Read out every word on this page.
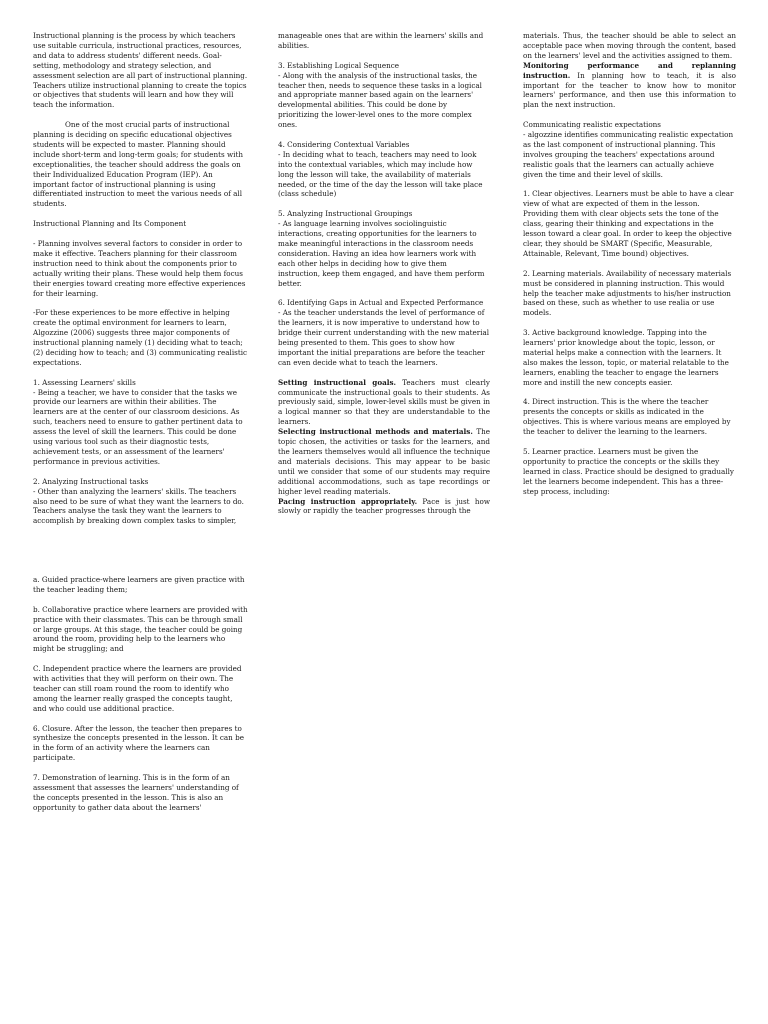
Instructional planning is the process by which teachers use suitable curricula, instructional practices, resources, and data to address students' different needs. Goal-setting, methodology and strategy selection, and assessment selection are all part of instructional planning. Teachers utilize instructional planning to create the topics or objectives that students will learn and how they will teach the information.

One of the most crucial parts of instructional planning is deciding on specific educational objectives students will be expected to master. Planning should include short-term and long-term goals; for students with exceptionalities, the teacher should address the goals on their Individualized Education Program (IEP). An important factor of instructional planning is using differentiated instruction to meet the various needs of all students.

Instructional Planning and Its Component

- Planning involves several factors to consider in order to make it effective. Teachers planning for their classroom instruction need to think about the components prior to actually writing their plans. These would help them focus their energies toward creating more effective experiences for their learning.

-For these experiences to be more effective in helping create the optimal environment for learners to learn, Algozzine (2006) suggests three major components of instructional planning namely (1) deciding what to teach; (2) deciding how to teach; and (3) communicating realistic expectations.

1. Assessing Learners' skills

- Being a teacher, we have to consider that the tasks we provide our learners are within their abilities. The learners are at the center of our classroom desicions. As such, teachers need to ensure to gather pertinent data to assess the level of skill the learners. This could be done using various tool such as their diagnostic tests, achievement tests, or an assessment of the learners' performance in previous activities.

2. Analyzing Instructional tasks

- Other than analyzing the learners' skills. The teachers also need to be sure of what they want the learners to do. Teachers analyse the task they want the learners to accomplish by breaking down complex tasks to simpler,

manageable ones that are within the learners' skills and abilities.

3. Establishing Logical Sequence

- Along with the analysis of the instructional tasks, the teacher then, needs to sequence these tasks in a logical and appropriate manner based again on the learners' developmental abilities. This could be done by prioritizing the lower-level ones to the more complex ones.

4. Considering Contextual Variables

- In deciding what to teach, teachers may need to look into the contextual variables, which may include how long the lesson will take, the availability of materials needed, or the time of the day the lesson will take place (class schedule)

5. Analyzing Instructional Groupings

- As language learning involves sociolinguistic interactions, creating opportunities for the learners to make meaningful interactions in the classroom needs consideration. Having an idea how learners work with each other helps in deciding how to give them instruction, keep them engaged, and have them perform better.

6. Identifying Gaps in Actual and Expected Performance

- As the teacher understands the level of performance of the learners, it is now imperative to understand how to bridge their current understanding with the new material being presented to them. This goes to show how important the initial preparations are before the teacher can even decide what to teach the learners.

Setting instructional goals. Teachers must clearly communicate the instructional goals to their students. As previously said, simple, lower-level skills must be given in a logical manner so that they are understandable to the learners.

Selecting instructional methods and materials. The topic chosen, the activities or tasks for the learners, and the learners themselves would all influence the technique and materials decisions. This may appear to be basic until we consider that some of our students may require additional accommodations, such as tape recordings or higher level reading materials.

Pacing instruction appropriately. Pace is just how slowly or rapidly the teacher progresses through the

materials. Thus, the teacher should be able to select an acceptable pace when moving through the content, based on the learners' level and the activities assigned to them.

Monitoring performance and replanning instruction. In planning how to teach, it is also important for the teacher to know how to monitor learners' performance, and then use this information to plan the next instruction.

Communicating realistic expectations

- algozzine identifies communicating realistic expectation as the last component of instructional planning. This involves grouping the teachers' expectations around realistic goals that the learners can actually achieve given the time and their level of skills.

1. Clear objectives. Learners must be able to have a clear view of what are expected of them in the lesson. Providing them with clear objects sets the tone of the class, gearing their thinking and expectations in the lesson toward a clear goal. In order to keep the objective clear, they should be SMART (Specific, Measurable, Attainable, Relevant, Time bound) objectives.

2. Learning materials. Availability of necessary materials must be considered in planning instruction. This would help the teacher make adjustments to his/her instruction based on these, such as whether to use realia or use models.

3. Active background knowledge. Tapping into the learners' prior knowledge about the topic, lesson, or material helps make a connection with the learners. It also makes the lesson, topic, or material relatable to the learners, enabling the teacher to engage the learners more and instill the new concepts easier.

4. Direct instruction. This is the where the teacher presents the concepts or skills as indicated in the objectives. This is where various means are employed by the teacher to deliver the learning to the learners.

5. Learner practice. Learners must be given the opportunity to practice the concepts or the skills they learned in class. Practice should be designed to gradually let the learners become independent. This has a three-step process, including:

a. Guided practice-where learners are given practice with the teacher leading them;

b. Collaborative practice where learners are provided with practice with their classmates. This can be through small or large groups. At this stage, the teacher could be going around the room, providing help to the learners who might be struggling; and

C. Independent practice where the learners are provided with activities that they will perform on their own. The teacher can still roam round the room to identify who among the learner really grasped the concepts taught, and who could use additional practice.

6. Closure. After the lesson, the teacher then prepares to synthesize the concepts presented in the lesson. It can be in the form of an activity where the learners can participate.

7. Demonstration of learning. This is in the form of an assessment that assesses the learners' understanding of the concepts presented in the lesson. This is also an opportunity to gather data about the learners'
